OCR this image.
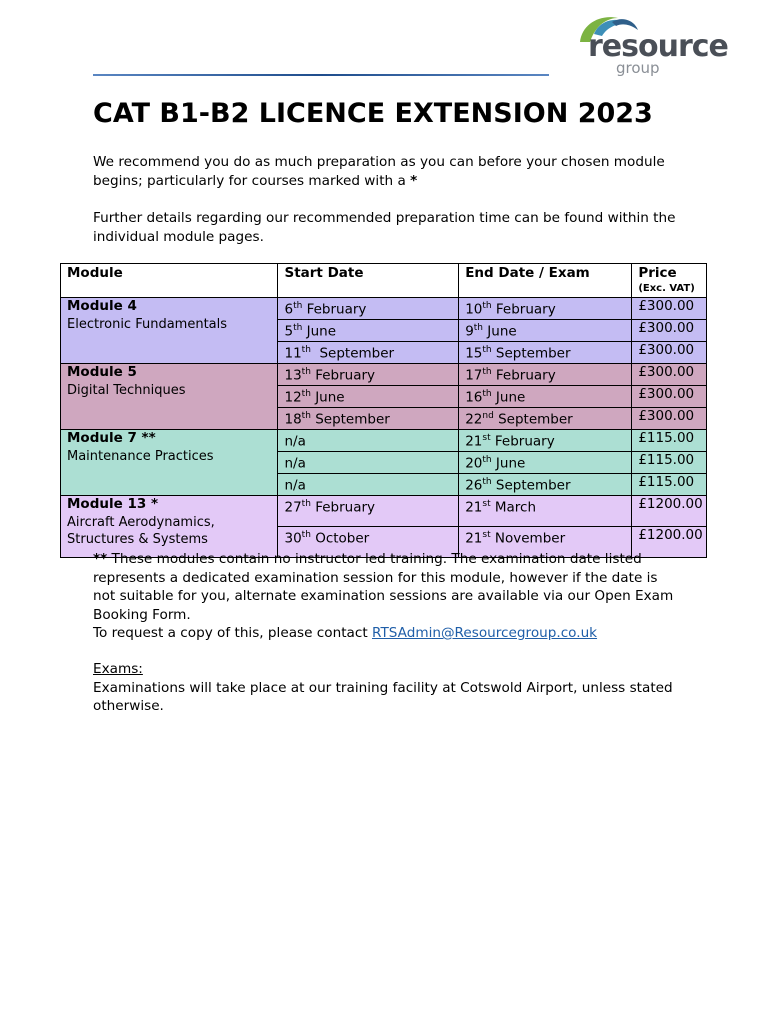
resource
group
CAT B1-B2 LICENCE EXTENSION 2023

We recommend you do as much preparation as you can before your chosen module begins; particularly for courses marked with a *

Further details regarding our recommended preparation time can be found within the individual module pages.

Module	Start Date	End Date / Exam	Price
(Exc. VAT)

Module 4
Electronic Fundamentals	6th February	10th February	£300.00
	5th June	9th June	£300.00
	11th  September	15th September	£300.00

Module 5
Digital Techniques	13th February	17th February	£300.00
	12th June	16th June	£300.00
	18th September	22nd September	£300.00

Module 7 **
Maintenance Practices	n/a	21st February	£115.00
	n/a	20th June	£115.00
	n/a	26th September	£115.00

Module 13 *
Aircraft Aerodynamics, Structures & Systems	27th February	21st March	£1200.00
	30th October	21st November	£1200.00

** These modules contain no instructor led training. The examination date listed represents a dedicated examination session for this module, however if the date is not suitable for you, alternate examination sessions are available via our Open Exam Booking Form.
To request a copy of this, please contact RTSAdmin@Resourcegroup.co.uk

Exams:
Examinations will take place at our training facility at Cotswold Airport, unless stated otherwise.
